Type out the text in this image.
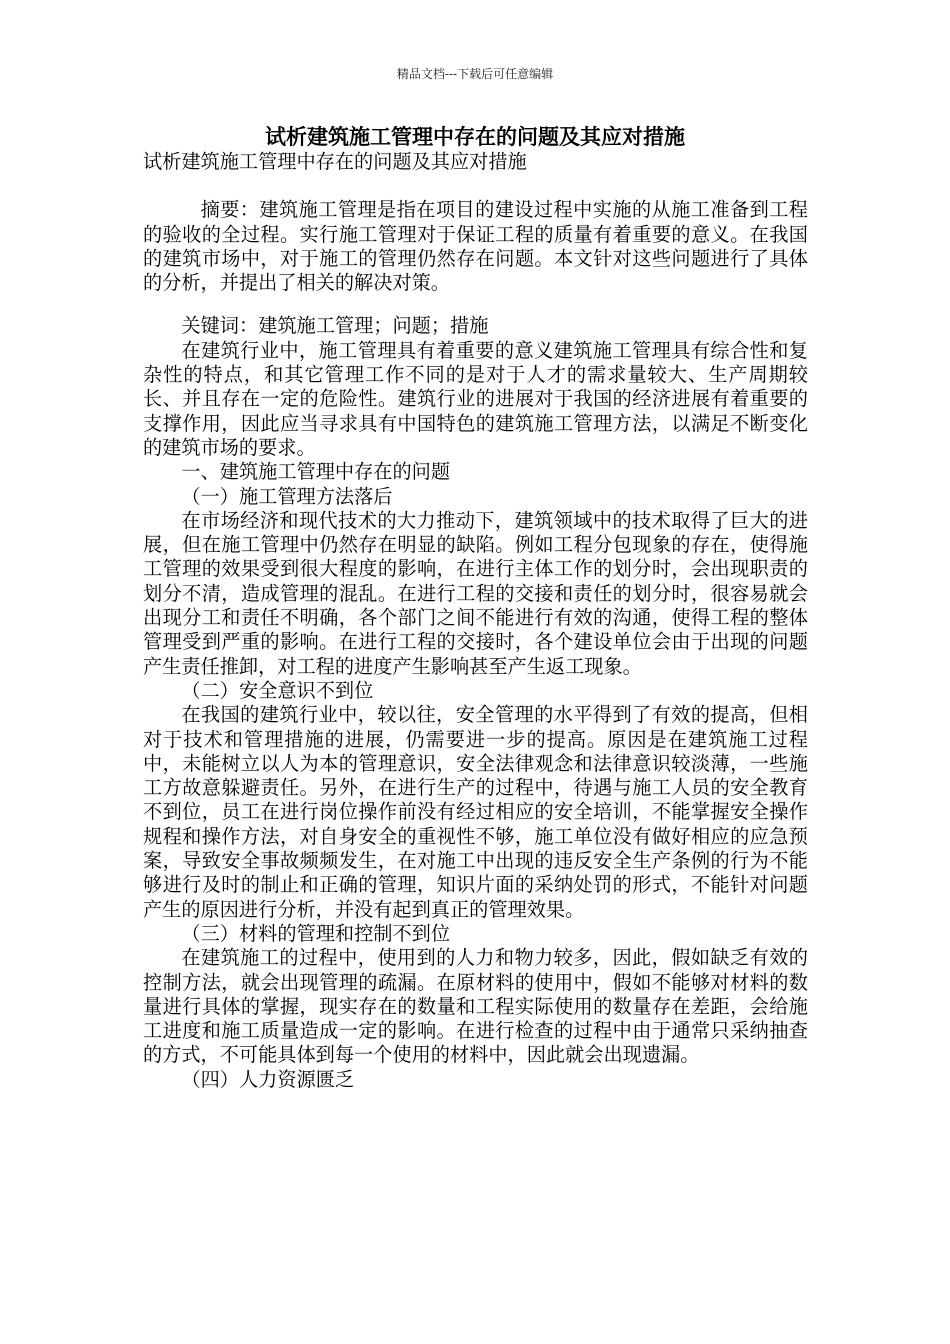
精品文档---下载后可任意编辑
试析建筑施工管理中存在的问题及其应对措施

试析建筑施工管理中存在的问题及其应对措施

摘要：建筑施工管理是指在项目的建设过程中实施的从施工准备到工程的验收的全过程。实行施工管理对于保证工程的质量有着重要的意义。在我国的建筑市场中，对于施工的管理仍然存在问题。本文针对这些问题进行了具体的分析，并提出了相关的解决对策。

关键词：建筑施工管理；问题；措施

在建筑行业中，施工管理具有着重要的意义建筑施工管理具有综合性和复杂性的特点，和其它管理工作不同的是对于人才的需求量较大、生产周期较长、并且存在一定的危险性。建筑行业的进展对于我国的经济进展有着重要的支撑作用，因此应当寻求具有中国特色的建筑施工管理方法，以满足不断变化的建筑市场的要求。

一、建筑施工管理中存在的问题

（一）施工管理方法落后

在市场经济和现代技术的大力推动下，建筑领域中的技术取得了巨大的进展，但在施工管理中仍然存在明显的缺陷。例如工程分包现象的存在，使得施工管理的效果受到很大程度的影响，在进行主体工作的划分时，会出现职责的划分不清，造成管理的混乱。在进行工程的交接和责任的划分时，很容易就会出现分工和责任不明确，各个部门之间不能进行有效的沟通，使得工程的整体管理受到严重的影响。在进行工程的交接时，各个建设单位会由于出现的问题产生责任推卸，对工程的进度产生影响甚至产生返工现象。

（二）安全意识不到位

在我国的建筑行业中，较以往，安全管理的水平得到了有效的提高，但相对于技术和管理措施的进展，仍需要进一步的提高。原因是在建筑施工过程中，未能树立以人为本的管理意识，安全法律观念和法律意识较淡薄，一些施工方故意躲避责任。另外，在进行生产的过程中，待遇与施工人员的安全教育不到位，员工在进行岗位操作前没有经过相应的安全培训，不能掌握安全操作规程和操作方法，对自身安全的重视性不够，施工单位没有做好相应的应急预案，导致安全事故频频发生，在对施工中出现的违反安全生产条例的行为不能够进行及时的制止和正确的管理，知识片面的采纳处罚的形式，不能针对问题产生的原因进行分析，并没有起到真正的管理效果。

（三）材料的管理和控制不到位

在建筑施工的过程中，使用到的人力和物力较多，因此，假如缺乏有效的控制方法，就会出现管理的疏漏。在原材料的使用中，假如不能够对材料的数量进行具体的掌握，现实存在的数量和工程实际使用的数量存在差距，会给施工进度和施工质量造成一定的影响。在进行检查的过程中由于通常只采纳抽查的方式，不可能具体到每一个使用的材料中，因此就会出现遗漏。

（四）人力资源匮乏
